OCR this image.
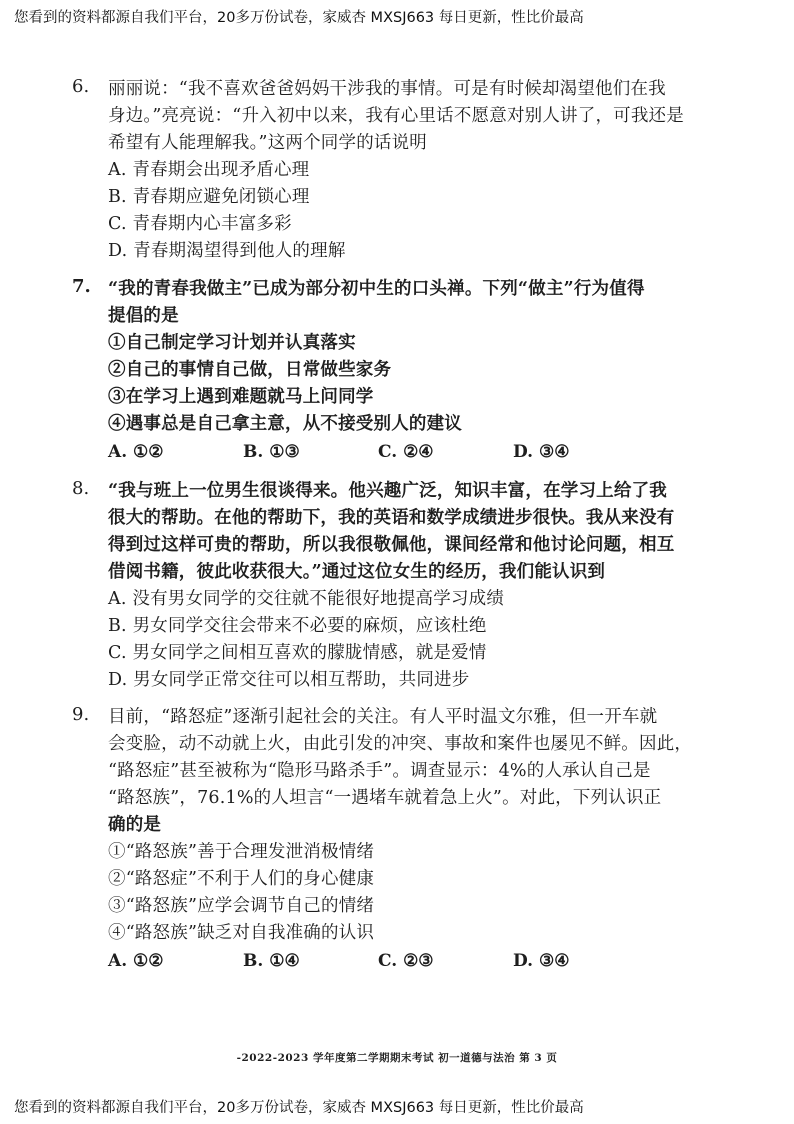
您看到的资料都源自我们平台，20多万份试卷，家威杏 MXSJ663 每日更新，性比价最高
6. 丽丽说：“我不喜欢爸爸妈妈干涉我的事情。可是有时候却渴望他们在我
身边。”亮亮说：“升入初中以来，我有心里话不愿意对别人讲了，可我还是
希望有人能理解我。”这两个同学的话说明
A. 青春期会出现矛盾心理
B. 青春期应避免闭锁心理
C. 青春期内心丰富多彩
D. 青春期渴望得到他人的理解
7. “我的青春我做主”已成为部分初中生的口头禅。下列“做主”行为值得
提倡的是
①自己制定学习计划并认真落实
②自己的事情自己做，日常做些家务
③在学习上遇到难题就马上问同学
④遇事总是自己拿主意，从不接受别人的建议
A. ①②	B. ①③	C. ②④	D. ③④
8. “我与班上一位男生很谈得来。他兴趣广泛，知识丰富，在学习上给了我
很大的帮助。在他的帮助下，我的英语和数学成绩进步很快。我从来没有
得到过这样可贵的帮助，所以我很敬佩他，课间经常和他讨论问题，相互
借阅书籍，彼此收获很大。”通过这位女生的经历，我们能认识到
A. 没有男女同学的交往就不能很好地提高学习成绩
B. 男女同学交往会带来不必要的麻烦，应该杜绝
C. 男女同学之间相互喜欢的朦胧情感，就是爱情
D. 男女同学正常交往可以相互帮助，共同进步
9. 目前，“路怒症”逐渐引起社会的关注。有人平时温文尔雅，但一开车就
会变脸，动不动就上火，由此引发的冲突、事故和案件也屡见不鲜。因此，
“路怒症”甚至被称为“隐形马路杀手”。调查显示：4%的人承认自己是
“路怒族”，76.1%的人坦言“一遇堵车就着急上火”。对此，下列认识正
确的是
①“路怒族”善于合理发泄消极情绪
②“路怒症”不利于人们的身心健康
③“路怒族”应学会调节自己的情绪
④“路怒族”缺乏对自我准确的认识
A. ①②	B. ①④	C. ②③	D. ③④
-2022-2023 学年度第二学期期末考试 初一道德与法治 第 3 页
您看到的资料都源自我们平台，20多万份试卷，家威杏 MXSJ663 每日更新，性比价最高
